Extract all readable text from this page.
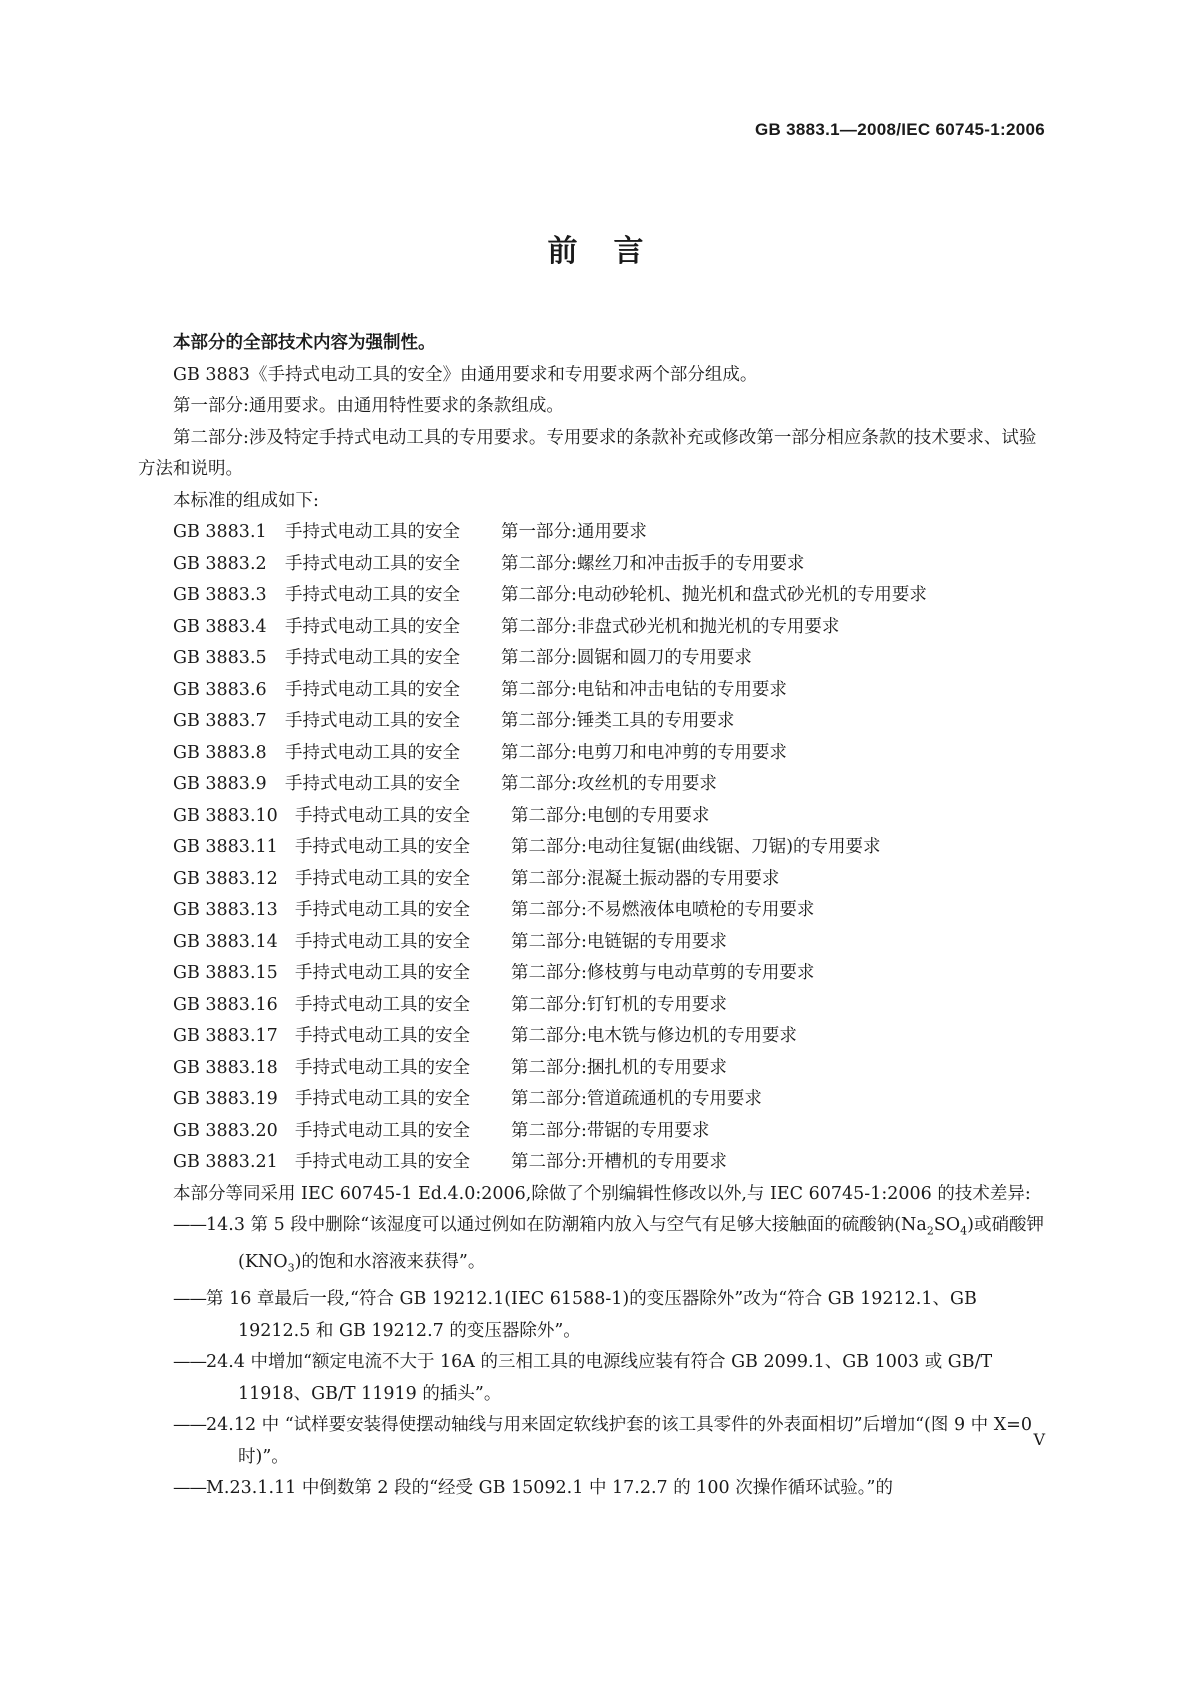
GB 3883.1—2008/IEC 60745-1:2006
前言

本部分的全部技术内容为强制性。

GB 3883《手持式电动工具的安全》由通用要求和专用要求两个部分组成。

第一部分:通用要求。由通用特性要求的条款组成。

第二部分:涉及特定手持式电动工具的专用要求。专用要求的条款补充或修改第一部分相应条款的技术要求、试验方法和说明。

本标准的组成如下:

GB 3883.1	手持式电动工具的安全	第一部分:通用要求
GB 3883.2	手持式电动工具的安全	第二部分:螺丝刀和冲击扳手的专用要求
GB 3883.3	手持式电动工具的安全	第二部分:电动砂轮机、抛光机和盘式砂光机的专用要求
GB 3883.4	手持式电动工具的安全	第二部分:非盘式砂光机和抛光机的专用要求
GB 3883.5	手持式电动工具的安全	第二部分:圆锯和圆刀的专用要求
GB 3883.6	手持式电动工具的安全	第二部分:电钻和冲击电钻的专用要求
GB 3883.7	手持式电动工具的安全	第二部分:锤类工具的专用要求
GB 3883.8	手持式电动工具的安全	第二部分:电剪刀和电冲剪的专用要求
GB 3883.9	手持式电动工具的安全	第二部分:攻丝机的专用要求
GB 3883.10 手持式电动工具的安全	第二部分:电刨的专用要求
GB 3883.11 手持式电动工具的安全	第二部分:电动往复锯(曲线锯、刀锯)的专用要求
GB 3883.12 手持式电动工具的安全	第二部分:混凝土振动器的专用要求
GB 3883.13 手持式电动工具的安全	第二部分:不易燃液体电喷枪的专用要求
GB 3883.14 手持式电动工具的安全	第二部分:电链锯的专用要求
GB 3883.15 手持式电动工具的安全	第二部分:修枝剪与电动草剪的专用要求
GB 3883.16 手持式电动工具的安全	第二部分:钉钉机的专用要求
GB 3883.17 手持式电动工具的安全	第二部分:电木铣与修边机的专用要求
GB 3883.18 手持式电动工具的安全	第二部分:捆扎机的专用要求
GB 3883.19 手持式电动工具的安全	第二部分:管道疏通机的专用要求
GB 3883.20 手持式电动工具的安全	第二部分:带锯的专用要求
GB 3883.21 手持式电动工具的安全	第二部分:开槽机的专用要求

本部分等同采用 IEC 60745-1 Ed.4.0:2006,除做了个别编辑性修改以外,与 IEC 60745-1:2006 的技术差异:

——14.3 第 5 段中删除“该湿度可以通过例如在防潮箱内放入与空气有足够大接触面的硫酸钠$(Na_2SO_4)$或硝酸钾$(KNO_3)$的饱和水溶液来获得”。

——第 16 章最后一段,“符合 GB 19212.1(IEC 61588-1)的变压器除外”改为“符合 GB 19212.1、GB 19212.5 和 GB 19212.7 的变压器除外”。

——24.4 中增加“额定电流不大于 16A 的三相工具的电源线应装有符合 GB 2099.1、GB 1003 或 GB/T 11918、GB/T 11919 的插头”。

——24.12 中 “试样要安装得使摆动轴线与用来固定软线护套的该工具零件的外表面相切”后增加“(图 9 中 X=0 时)”。

——M.23.1.11 中倒数第 2 段的“经受 GB 15092.1 中 17.2.7 的 100 次操作循环试验。”的

V
